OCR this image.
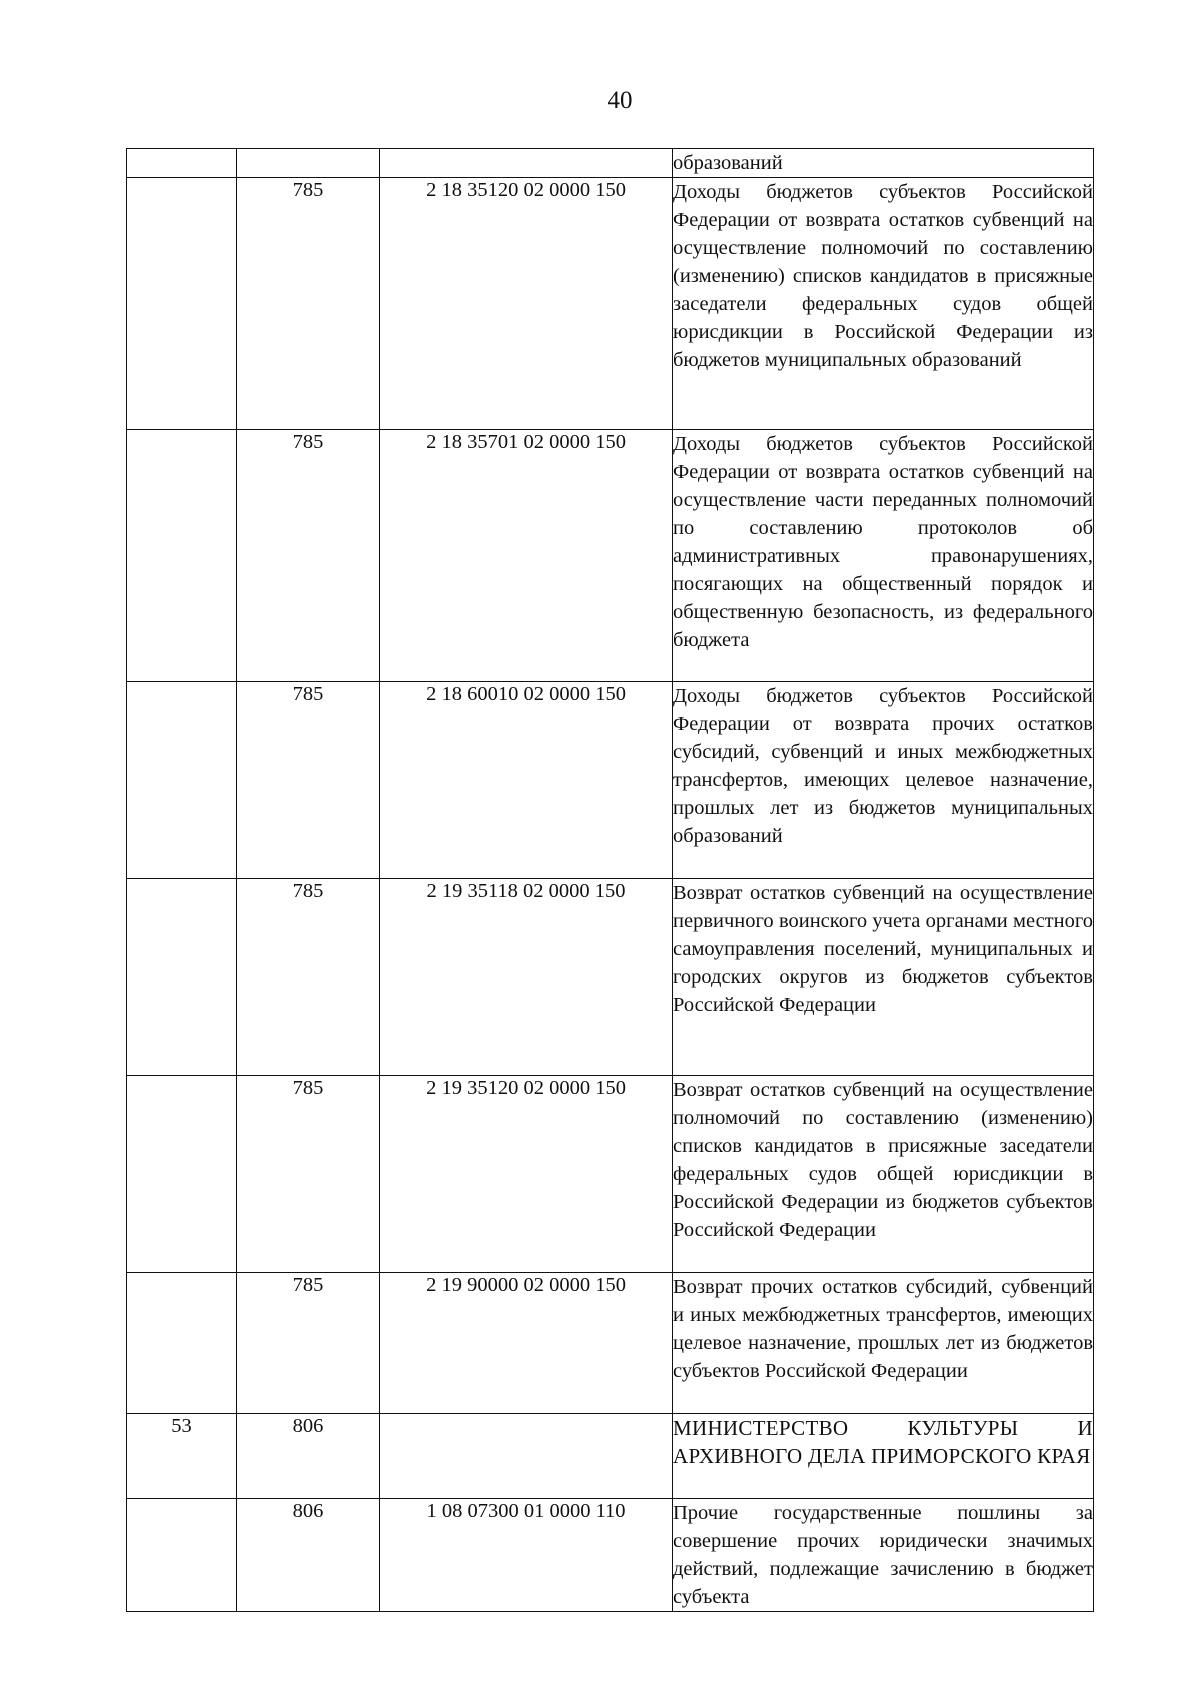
40

			образований

	785	2 18 35120 02 0000 150	Доходы бюджетов субъектов Российской Федерации от возврата остатков субвенций на осуществление полномочий по составлению (изменению) списков кандидатов в присяжные заседатели федеральных судов общей юрисдикции в Российской Федерации из бюджетов муниципальных образований

	785	2 18 35701 02 0000 150	Доходы бюджетов субъектов Российской Федерации от возврата остатков субвенций на осуществление части переданных полномочий по составлению протоколов об административных правонарушениях, посягающих на общественный порядок и общественную безопасность, из федерального бюджета

	785	2 18 60010 02 0000 150	Доходы бюджетов субъектов Российской Федерации от возврата прочих остатков субсидий, субвенций и иных межбюджетных трансфертов, имеющих целевое назначение, прошлых лет из бюджетов муниципальных образований

	785	2 19 35118 02 0000 150	Возврат остатков субвенций на осуществление первичного воинского учета органами местного самоуправления поселений, муниципальных и городских округов из бюджетов субъектов Российской Федерации

	785	2 19 35120 02 0000 150	Возврат остатков субвенций на осуществление полномочий по составлению (изменению) списков кандидатов в присяжные заседатели федеральных судов общей юрисдикции в Российской Федерации из бюджетов субъектов Российской Федерации

	785	2 19 90000 02 0000 150	Возврат прочих остатков субсидий, субвенций и иных межбюджетных трансфертов, имеющих целевое назначение, прошлых лет из бюджетов субъектов Российской Федерации

53	806		МИНИСТЕРСТВО КУЛЬТУРЫ И АРХИВНОГО ДЕЛА ПРИМОРСКОГО КРАЯ

	806	1 08 07300 01 0000 110	Прочие государственные пошлины за совершение прочих юридически значимых действий, подлежащие зачислению в бюджет субъекта
